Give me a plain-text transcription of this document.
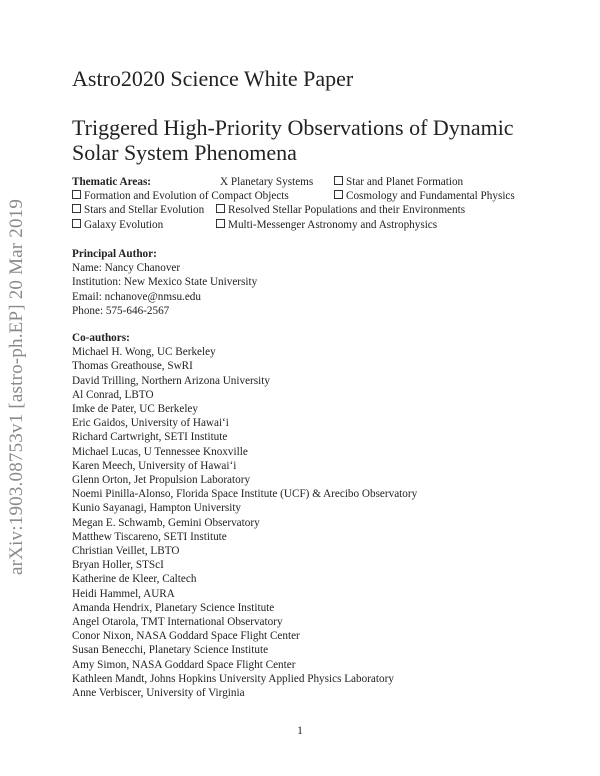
arXiv:1903.08753v1 [astro-ph.EP] 20 Mar 2019
Astro2020 Science White Paper
Triggered High-Priority Observations of Dynamic Solar System Phenomena
Thematic Areas:	X Planetary Systems	Star and Planet Formation
Formation and Evolution of Compact Objects	Cosmology and Fundamental Physics
Stars and Stellar Evolution	Resolved Stellar Populations and their Environments
Galaxy Evolution	Multi-Messenger Astronomy and Astrophysics
Principal Author:
Name: Nancy Chanover
Institution: New Mexico State University
Email: nchanove@nmsu.edu
Phone: 575-646-2567
Co-authors:
Michael H. Wong, UC Berkeley
Thomas Greathouse, SwRI
David Trilling, Northern Arizona University
Al Conrad, LBTO
Imke de Pater, UC Berkeley
Eric Gaidos, University of Hawai‘i
Richard Cartwright, SETI Institute
Michael Lucas, U Tennessee Knoxville
Karen Meech, University of Hawai‘i
Glenn Orton, Jet Propulsion Laboratory
Noemi Pinilla-Alonso, Florida Space Institute (UCF) & Arecibo Observatory
Kunio Sayanagi, Hampton University
Megan E. Schwamb, Gemini Observatory
Matthew Tiscareno, SETI Institute
Christian Veillet, LBTO
Bryan Holler, STScI
Katherine de Kleer, Caltech
Heidi Hammel, AURA
Amanda Hendrix, Planetary Science Institute
Angel Otarola, TMT International Observatory
Conor Nixon, NASA Goddard Space Flight Center
Susan Benecchi, Planetary Science Institute
Amy Simon, NASA Goddard Space Flight Center
Kathleen Mandt, Johns Hopkins University Applied Physics Laboratory
Anne Verbiscer, University of Virginia
1
